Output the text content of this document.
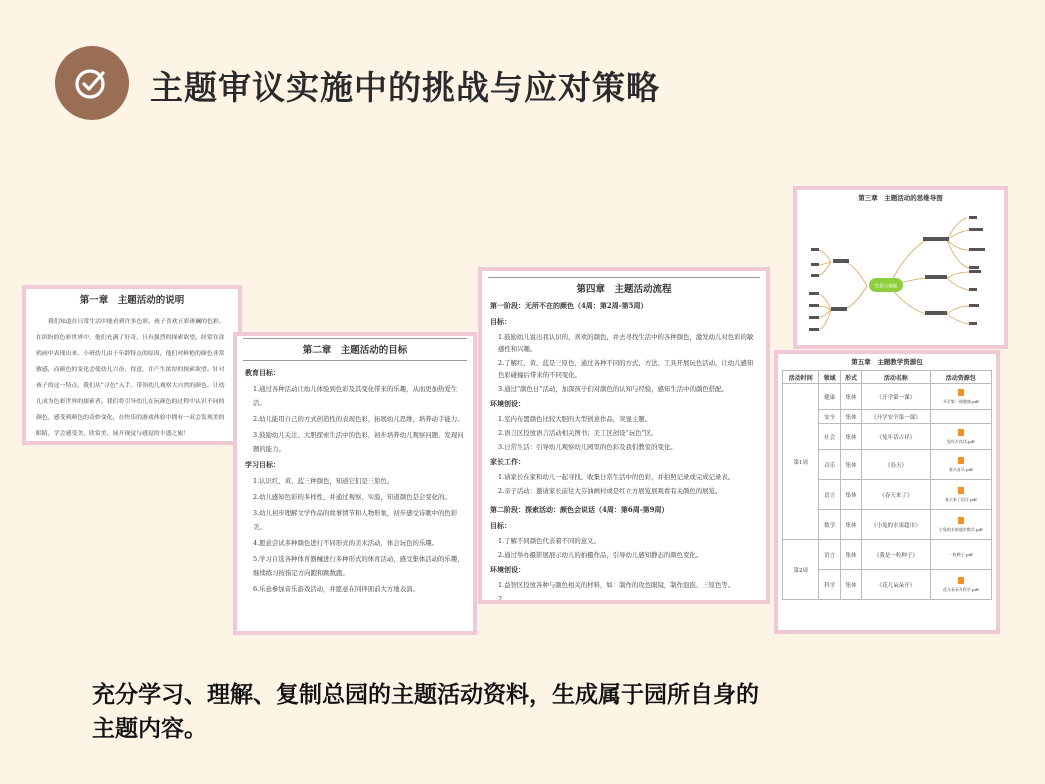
主题审议实施中的挑战与应对策略
第一章　主题活动的说明

我们知道在日常生活中能看到许多色彩。孩子喜欢五彩斑斓的色彩，在缤纷的色彩世界中，他们充满了好奇，且有强烈的探索欲望。经常在涂鸦画中表现出来。小班幼儿由于年龄特点的原因，他们对鲜艳的颜色非常敏感，而颜色的变化会使幼儿兴奋、得意，并产生浓厚的探索欲望。针对孩子的这一特点，我们从“寻色”入手，带领幼儿观察大自然的颜色，让幼儿成为色彩世界的探索者。我们将引导幼儿在玩颜色的过程中认识不同的颜色，感受到颜色的奇妙变化，在快乐的游戏体验中拥有一双会发现美的眼睛，学会感受美、欣赏美，展开视觉与感觉的丰盛之旅！

第二章　主题活动的目标

教育目标：

1.通过各种活动让幼儿体验到色彩及其变化带来的乐趣，从而更加热爱生活。

2.幼儿能用自己的方式创造性的表现色彩，拓展幼儿思维，培养动手能力。

3.鼓励幼儿关注、大胆探索生活中的色彩，初步培养幼儿观察问题、发现问题的能力。

学习目标：

1.认识红、黄、蓝三种颜色，知道它们是三原色。

2.幼儿感知色彩的多样性，并通过观察、实验，知道颜色是会变化的。

3.幼儿初步理解文学作品的故事情节和人物形象，初步感受诗歌中的色彩美。

4.愿意尝试多种颜色进行不同形式的美术活动，体会玩色的乐趣。

5.学习自选各种体育器械进行多种形式的体育活动，感受集体活动的乐趣，继续练习按指定方向跑和跳数跑。

6.乐意参加音乐游戏活动，并愿意在同伴面前大方地表演。

第四章　主题活动流程

第一阶段：无所不在的颜色（4周：第2周-第5周）

目标：

1.鼓励幼儿说出我认识的、喜欢的颜色，并去寻找生活中的各种颜色，激发幼儿对色彩的敏感性和兴趣。

2.了解红、黄、蓝是三原色，通过各种不同的方式、方法、工具开展玩色活动，让幼儿感知色彩碰撞后带来的不同变化。

3.通过“颜色日”活动，加深孩子们对颜色的认知与经验，感知生活中的颜色搭配。

环境创设：

1.室内布置颜色比较大胆的大型创意作品，突显主题。

2.语言区投放语言活动相关图书；美工区创设“玩色”区。

3.日常生活：引导幼儿观察幼儿园里的色彩及我们教室的变化。

家长工作：

1.请家长在家和幼儿一起寻找、收集日常生活中的色彩，并拍照记录或完成记录表。

2.亲子活动：邀请家长前往大芬油画村或是红立方展览展观看有关颜色的展览。

第二阶段：探索活动：颜色会说话（4周：第6周-第9周）

目标：

1.了解不同颜色代表着不同的意义。

2.通过举办摄影展展示幼儿的拍摄作品，引导幼儿感知静态的颜色变化。

环境创设：

1.益智区投放各种与颜色相关的材料，如：制作的攻色眼镜，制作泡泡、三原色等。

2.…

第三章　主题活动的思维导图
色彩大揭秘
第五章　主题教学资源包
活动时间	领域	形式	活动名称	活动资源包
第1周	健康	集体	《开学第一课》	开学第一课健康.pdf

	安全	集体	《开学安全第一课》	
	社会	集体	《兔年话吉祥》	兔年吉祥话.pdf

	音乐	集体	《春天》	春天音乐.pdf

	语言	集体	《春天来了》	春天来了语言.pdf

	数学	集体	《小兔的水果超市》	小兔的水果超市数学.pdf

第2周	语言	集体	《我是一粒种子》	一粒种子.pdf

	科学	集体	《花儿朵朵开》	花儿朵朵开科学.pdf
充分学习、理解、复制总园的主题活动资料，生成属于园所自身的主题内容。
